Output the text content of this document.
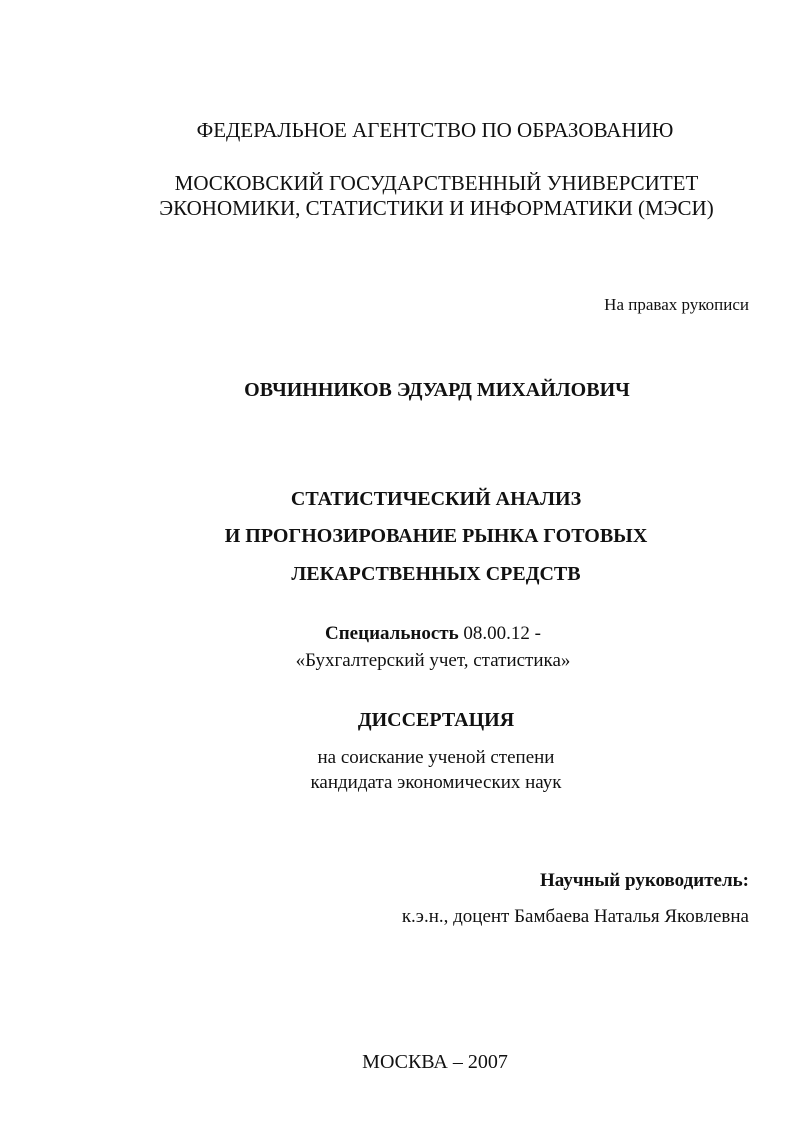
ФЕДЕРАЛЬНОЕ АГЕНТСТВО ПО ОБРАЗОВАНИЮ
МОСКОВСКИЙ ГОСУДАРСТВЕННЫЙ УНИВЕРСИТЕТ
ЭКОНОМИКИ, СТАТИСТИКИ И ИНФОРМАТИКИ (МЭСИ)
На правах рукописи
ОВЧИННИКОВ ЭДУАРД МИХАЙЛОВИЧ
СТАТИСТИЧЕСКИЙ АНАЛИЗ
И ПРОГНОЗИРОВАНИЕ РЫНКА ГОТОВЫХ
ЛЕКАРСТВЕННЫХ СРЕДСТВ
Специальность 08.00.12 -
«Бухгалтерский учет, статистика»
ДИССЕРТАЦИЯ
на соискание ученой степени
кандидата экономических наук
Научный руководитель:
к.э.н., доцент Бамбаева Наталья Яковлевна
МОСКВА – 2007
